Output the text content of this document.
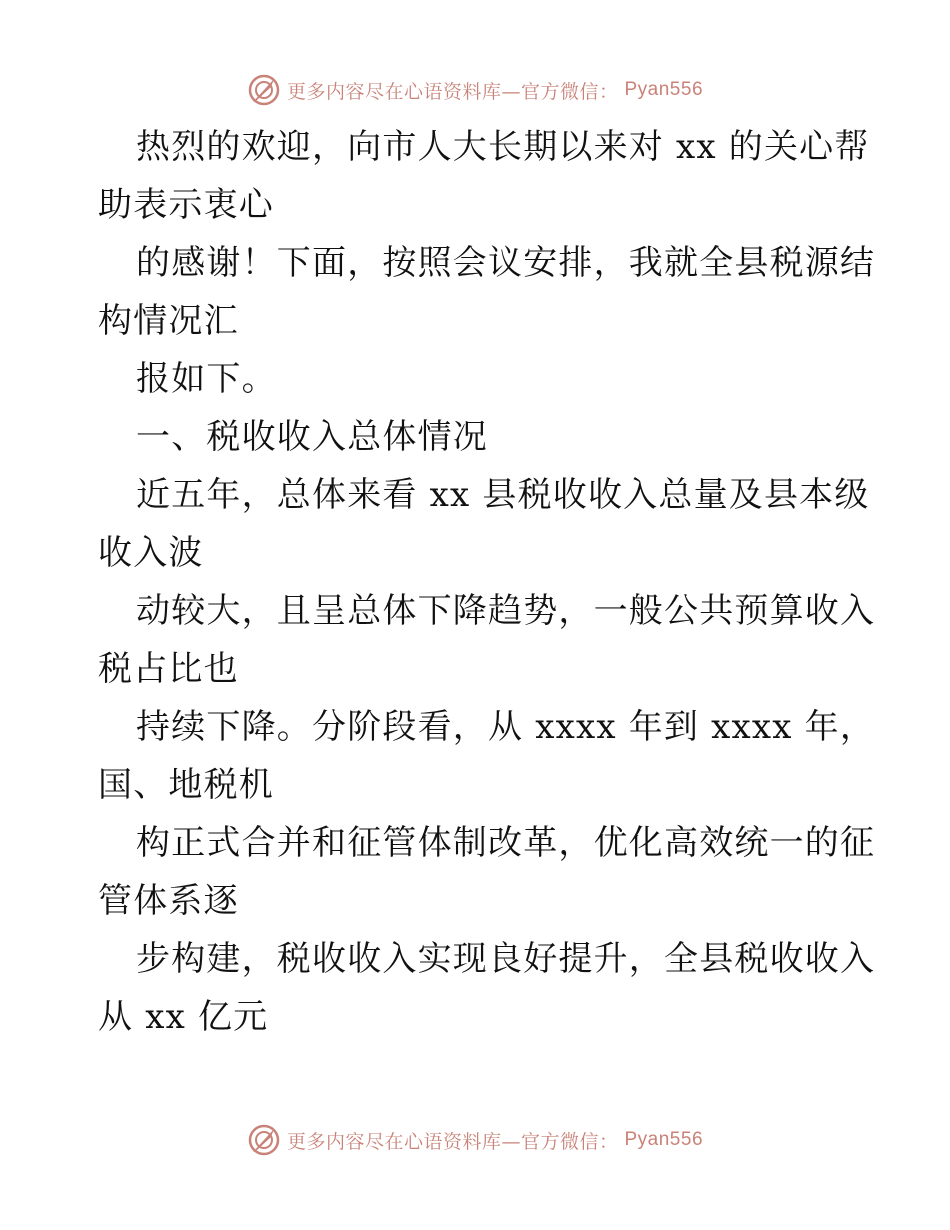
更多内容尽在心语资料库—官方微信： Pyan556
热烈的欢迎，向市人大长期以来对 xx 的关心帮
助表示衷心
的感谢！下面，按照会议安排，我就全县税源结
构情况汇
报如下。
一、税收收入总体情况
近五年，总体来看 xx 县税收收入总量及县本级
收入波
动较大，且呈总体下降趋势，一般公共预算收入
税占比也
持续下降。分阶段看，从 xxxx 年到 xxxx 年，
国、地税机
构正式合并和征管体制改革，优化高效统一的征
管体系逐
步构建，税收收入实现良好提升，全县税收收入
从 xx 亿元
更多内容尽在心语资料库—官方微信： Pyan556
